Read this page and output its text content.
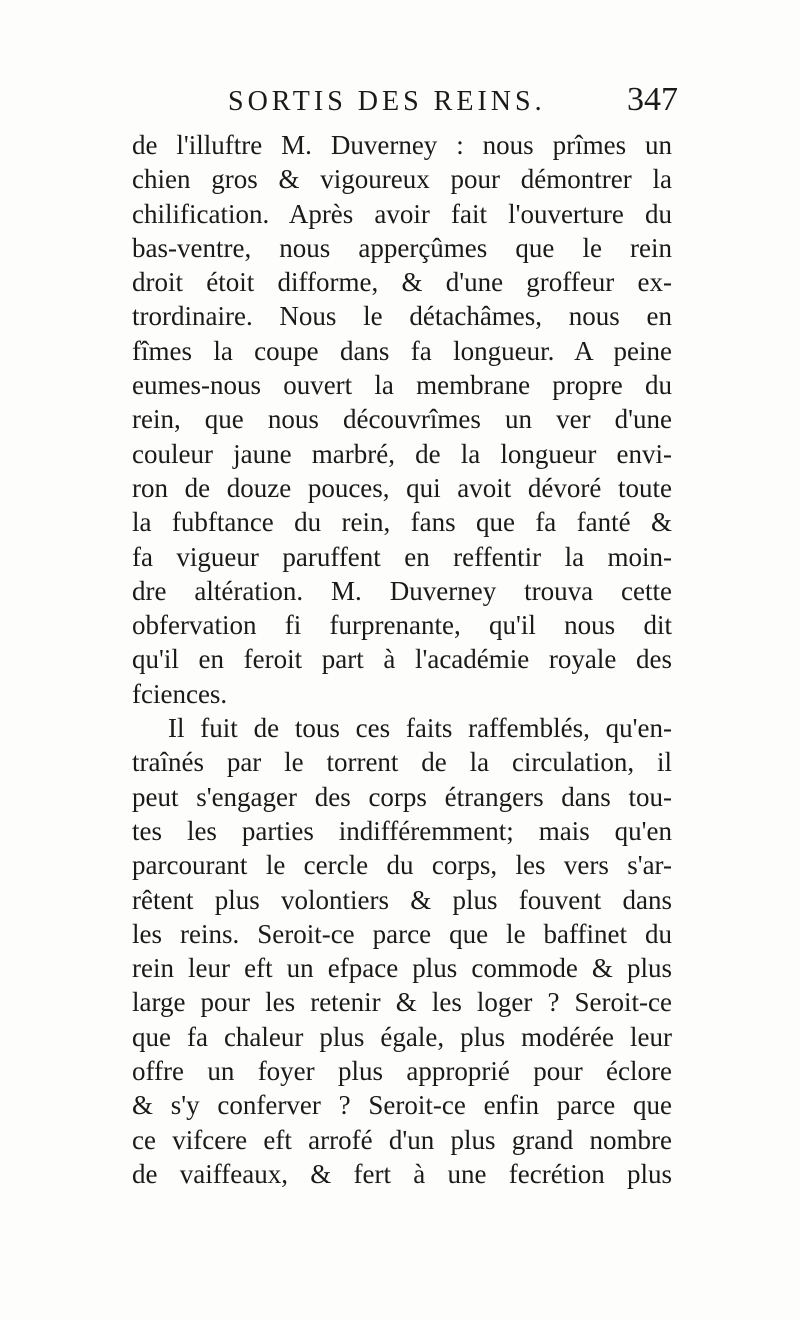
SORTIS DES REINS. 347
de l'illuftre M. Duverney : nous prîmes un
chien gros & vigoureux pour démontrer la
chilification. Après avoir fait l'ouverture du
bas-ventre, nous apperçûmes que le rein
droit étoit difforme, & d'une groffeur ex-
trordinaire. Nous le détachâmes, nous en
fîmes la coupe dans fa longueur. A peine
eumes-nous ouvert la membrane propre du
rein, que nous découvrîmes un ver d'une
couleur jaune marbré, de la longueur envi-
ron de douze pouces, qui avoit dévoré toute
la fubftance du rein, fans que fa fanté &
fa vigueur paruffent en reffentir la moin-
dre altération. M. Duverney trouva cette
obfervation fi furprenante, qu'il nous dit
qu'il en feroit part à l'académie royale des
fciences.
Il fuit de tous ces faits raffemblés, qu'en-
traînés par le torrent de la circulation, il
peut s'engager des corps étrangers dans tou-
tes les parties indifféremment; mais qu'en
parcourant le cercle du corps, les vers s'ar-
rêtent plus volontiers & plus fouvent dans
les reins. Seroit-ce parce que le baffinet du
rein leur eft un efpace plus commode & plus
large pour les retenir & les loger ? Seroit-ce
que fa chaleur plus égale, plus modérée leur
offre un foyer plus approprié pour éclore
& s'y conferver ? Seroit-ce enfin parce que
ce vifcere eft arrofé d'un plus grand nombre
de vaiffeaux, & fert à une fecrétion plus
